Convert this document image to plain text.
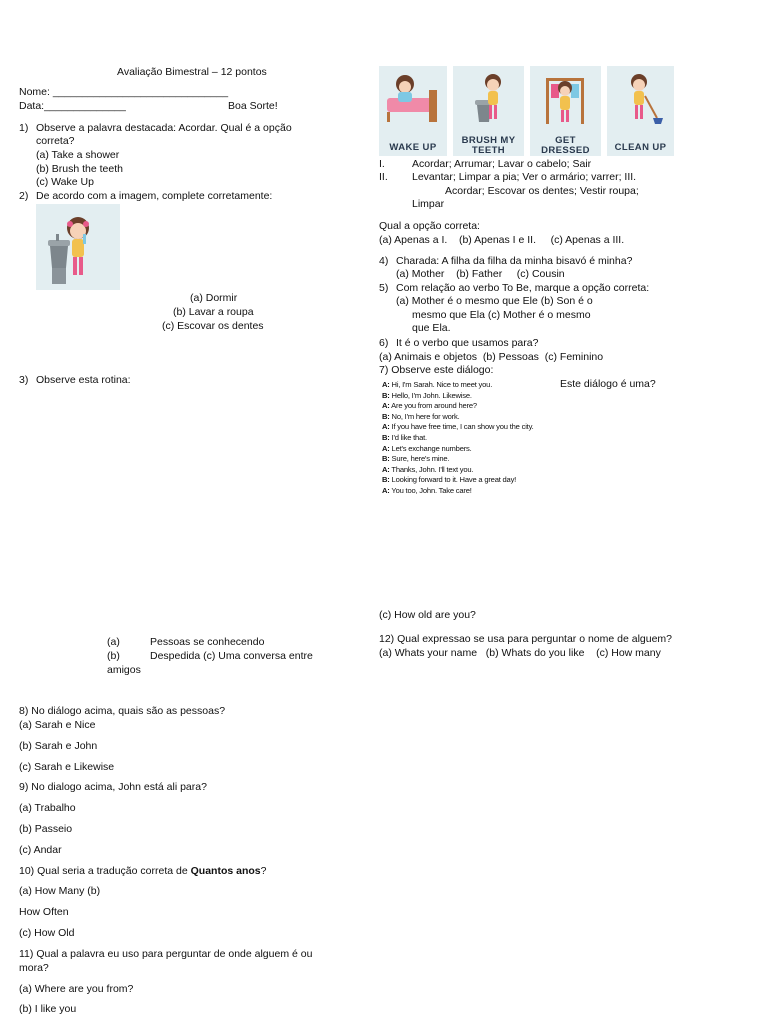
Avaliação Bimestral – 12 pontos
Nome: ______________________________
Data:______________	Boa Sorte!
1) Observe a palavra destacada: Acordar. Qual é a opção
correta?
(a) Take a shower
(b) Brush the teeth
(c) Wake Up
2) De acordo com a imagem, complete corretamente:
(a) Dormir
(b) Lavar a roupa
(c) Escovar os dentes
3) Observe esta rotina:
WAKE UP
BRUSH MY
TEETH
GET
DRESSED	CLEAN UP
I.	Acordar; Arrumar; Lavar o cabelo; Sair
II. Levantar; Limpar a pia; Ver o armário; varrer; III.
Acordar; Escovar os dentes; Vestir roupa;
Limpar
Qual a opção correta:
(a) Apenas a I.    (b) Apenas I e II.     (c) Apenas a III.
4) Charada: A filha da filha da minha bisavó é minha?
(a) Mother    (b) Father     (c) Cousin
5) Com relação ao verbo To Be, marque a opção correta:
(a) Mother é o mesmo que Ele (b) Son é o
mesmo que Ela (c) Mother é o mesmo
que Ela.
6) It é o verbo que usamos para?
(a) Animais e objetos  (b) Pessoas  (c) Feminino
7) Observe este diálogo:
Este diálogo é uma?
A: Hi, I'm Sarah. Nice to meet you.
B: Hello, I'm John. Likewise.
A: Are you from around here?
B: No, I'm here for work.
A: If you have free time, I can show you the city.
B: I'd like that.
A: Let's exchange numbers.
B: Sure, here's mine.
A: Thanks, John. I'll text you.
B: Looking forward to it. Have a great day!
A: You too, John. Take care!
(a)	Pessoas se conhecendo
(b)	Despedida (c) Uma conversa entre
amigos
8) No diálogo acima, quais são as pessoas?
(a) Sarah e Nice
(b) Sarah e John
(c) Sarah e Likewise
9) No dialogo acima, John está ali para?
(a) Trabalho
(b) Passeio
(c) Andar
10) Qual seria a tradução correta de Quantos anos?
(a) How Many (b)
How Often
(c) How Old
11) Qual a palavra eu uso para perguntar de onde alguem é ou
mora?
(a) Where are you from?
(b) I like you
(c) How old are you?
12) Qual expressao se usa para perguntar o nome de alguem?
(a) Whats your name   (b) Whats do you like    (c) How many
